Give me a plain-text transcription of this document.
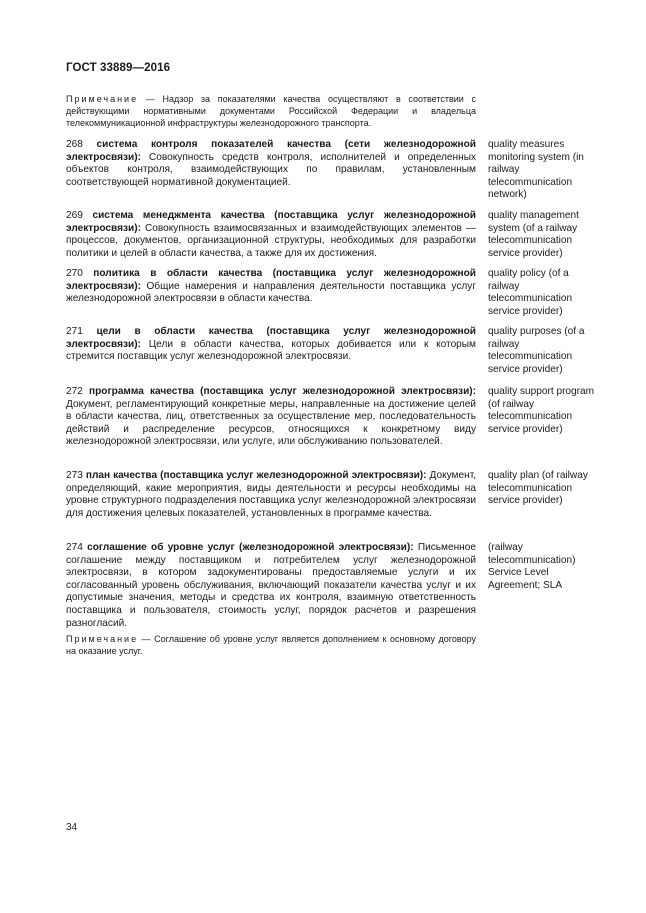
ГОСТ 33889—2016
Примечание — Надзор за показателями качества осуществляют в соответствии с действующими нормативными документами Российской Федерации и владельца телекоммуникационной инфраструктуры железнодорожного транспорта.
268 система контроля показателей качества (сети железнодорожной электросвязи): Совокупность средств контроля, исполнителей и определенных объектов контроля, взаимодействующих по правилам, установленным соответствующей нормативной документацией.
quality measures monitoring system (in railway telecommunication network)
269 система менеджмента качества (поставщика услуг железнодорожной электросвязи): Совокупность взаимосвязанных и взаимодействующих элементов — процессов, документов, организационной структуры, необходимых для разработки политики и целей в области качества, а также для их достижения.
quality management system (of a railway telecommunication service provider)
270 политика в области качества (поставщика услуг железнодорожной электросвязи): Общие намерения и направления деятельности поставщика услуг железнодорожной электросвязи в области качества.
quality policy (of a railway telecommunication service provider)
271 цели в области качества (поставщика услуг железнодорожной электросвязи): Цели в области качества, которых добивается или к которым стремится поставщик услуг железнодорожной электросвязи.
quality purposes (of a railway telecommunication service provider)
272 программа качества (поставщика услуг железнодорожной электросвязи): Документ, регламентирующий конкретные меры, направленные на достижение целей в области качества, лиц, ответственных за осуществление мер, последовательность действий и распределение ресурсов, относящихся к конкретному виду железнодорожной электросвязи, или услуге, или обслуживанию пользователей.
quality support program (of railway telecommunication service provider)
273 план качества (поставщика услуг железнодорожной электросвязи): Документ, определяющий, какие мероприятия, виды деятельности и ресурсы необходимы на уровне структурного подразделения поставщика услуг железнодорожной электросвязи для достижения целевых показателей, установленных в программе качества.
quality plan (of railway telecommunication service provider)
274 соглашение об уровне услуг (железнодорожной электросвязи): Письменное соглашение между поставщиком и потребителем услуг железнодорожной электросвязи, в котором задокументированы предоставляемые услуги и их согласованный уровень обслуживания, включающий показатели качества услуг и их допустимые значения, методы и средства их контроля, взаимную ответственность поставщика и пользователя, стоимость услуг, порядок расчетов и разрешения разногласий.
(railway telecommunication) Service Level Agreement; SLA
Примечание — Соглашение об уровне услуг является дополнением к основному договору на оказание услуг.
34
